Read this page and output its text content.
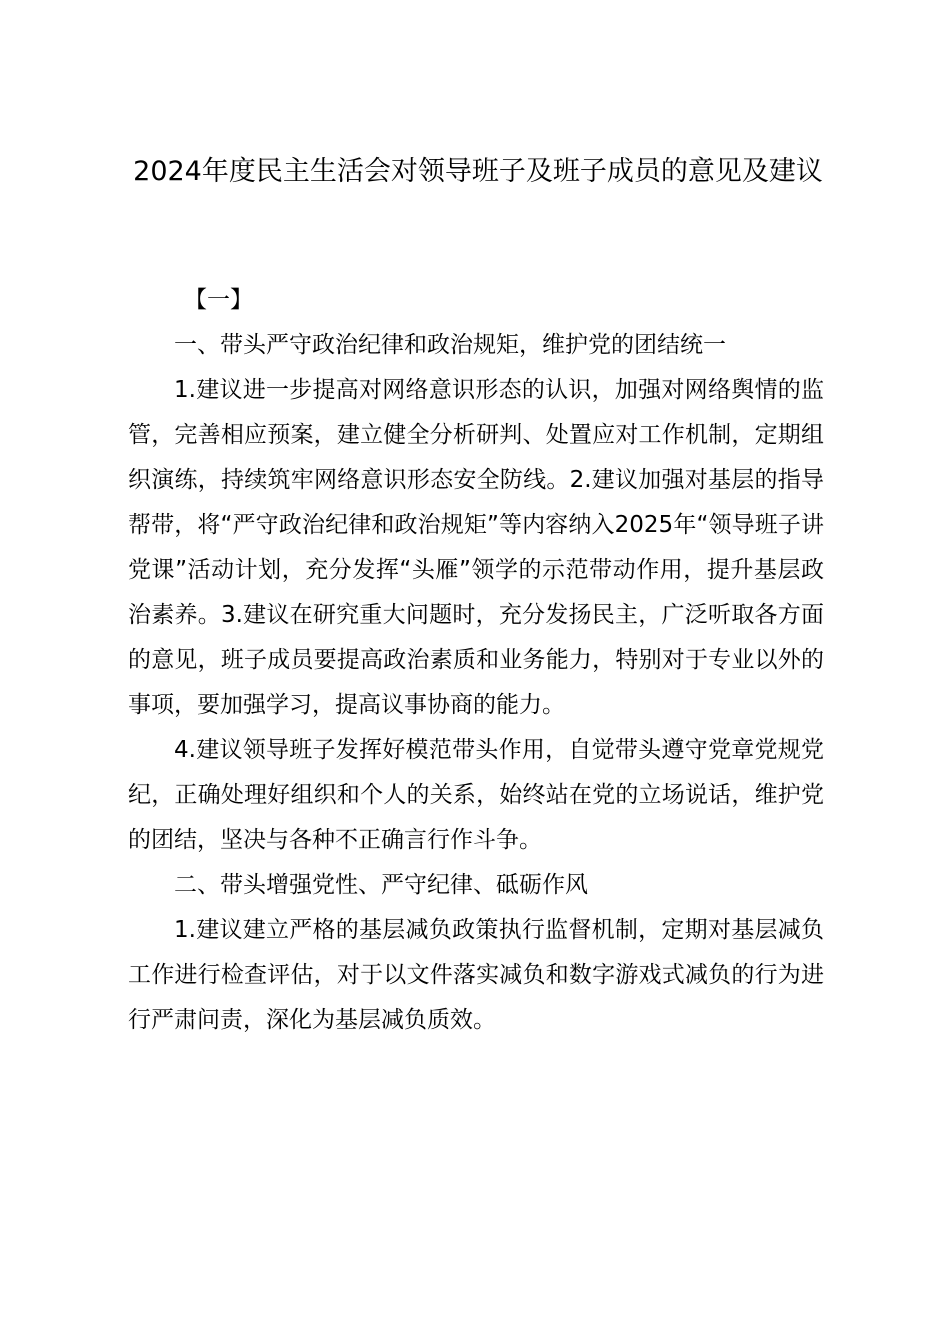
2024年度民主生活会对领导班子及班子成员的意见及建议

【一】

一、带头严守政治纪律和政治规矩，维护党的团结统一

1.建议进一步提高对网络意识形态的认识，加强对网络舆情的监管，完善相应预案，建立健全分析研判、处置应对工作机制，定期组织演练，持续筑牢网络意识形态安全防线。2.建议加强对基层的指导帮带，将“严守政治纪律和政治规矩”等内容纳入2025年“领导班子讲党课”活动计划，充分发挥“头雁”领学的示范带动作用，提升基层政治素养。3.建议在研究重大问题时，充分发扬民主，广泛听取各方面的意见，班子成员要提高政治素质和业务能力，特别对于专业以外的事项，要加强学习，提高议事协商的能力。

4.建议领导班子发挥好模范带头作用，自觉带头遵守党章党规党纪，正确处理好组织和个人的关系，始终站在党的立场说话，维护党的团结，坚决与各种不正确言行作斗争。

二、带头增强党性、严守纪律、砥砺作风

1.建议建立严格的基层减负政策执行监督机制，定期对基层减负工作进行检查评估，对于以文件落实减负和数字游戏式减负的行为进行严肃问责，深化为基层减负质效。
